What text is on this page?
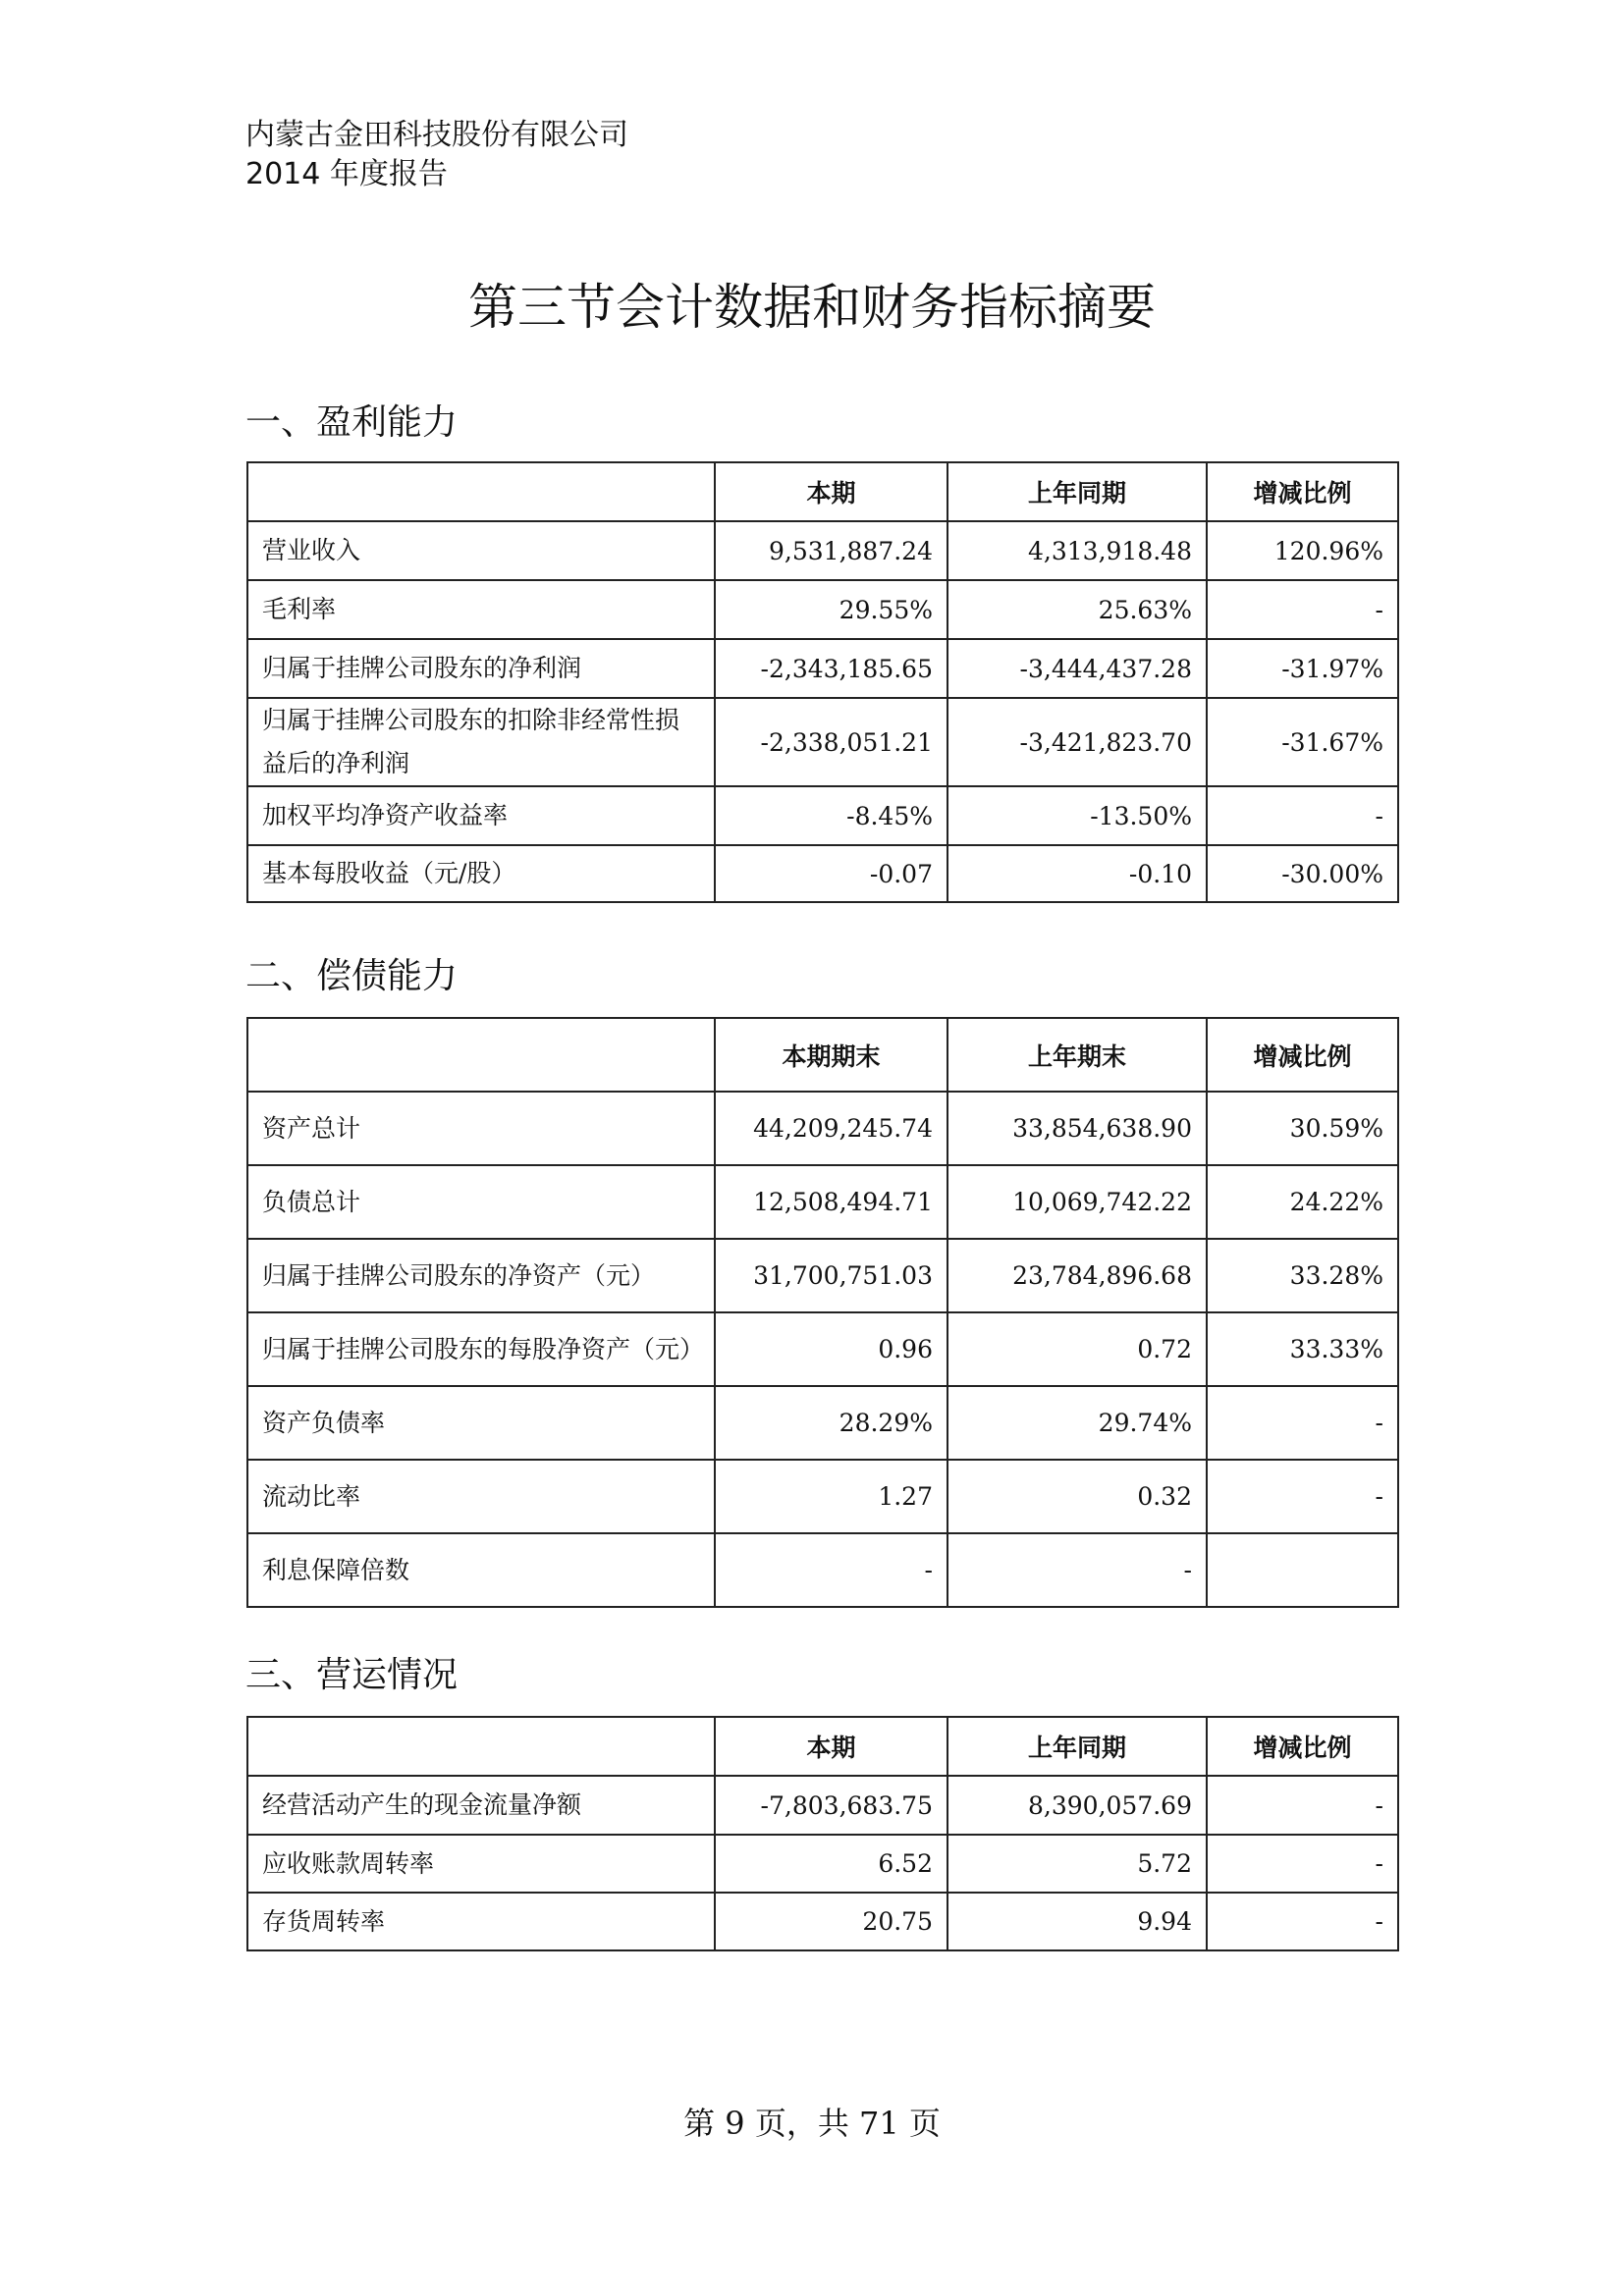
内蒙古金田科技股份有限公司
2014 年度报告
第三节会计数据和财务指标摘要
一、盈利能力
	本期	上年同期	增减比例
营业收入	9,531,887.24	4,313,918.48	120.96%
毛利率	29.55%	25.63%	-
归属于挂牌公司股东的净利润	-2,343,185.65	-3,444,437.28	-31.97%
归属于挂牌公司股东的扣除非经常性损益后的净利润	-2,338,051.21	-3,421,823.70	-31.67%
加权平均净资产收益率	-8.45%	-13.50%	-
基本每股收益（元/股）	-0.07	-0.10	-30.00%
二、偿债能力
	本期期末	上年期末	增减比例
资产总计	44,209,245.74	33,854,638.90	30.59%
负债总计	12,508,494.71	10,069,742.22	24.22%
归属于挂牌公司股东的净资产（元）	31,700,751.03	23,784,896.68	33.28%
归属于挂牌公司股东的每股净资产（元）	0.96	0.72	33.33%
资产负债率	28.29%	29.74%	-
流动比率	1.27	0.32	-
利息保障倍数	-	-	
三、营运情况
	本期	上年同期	增减比例
经营活动产生的现金流量净额	-7,803,683.75	8,390,057.69	-
应收账款周转率	6.52	5.72	-
存货周转率	20.75	9.94	-
第 9 页，共 71 页
